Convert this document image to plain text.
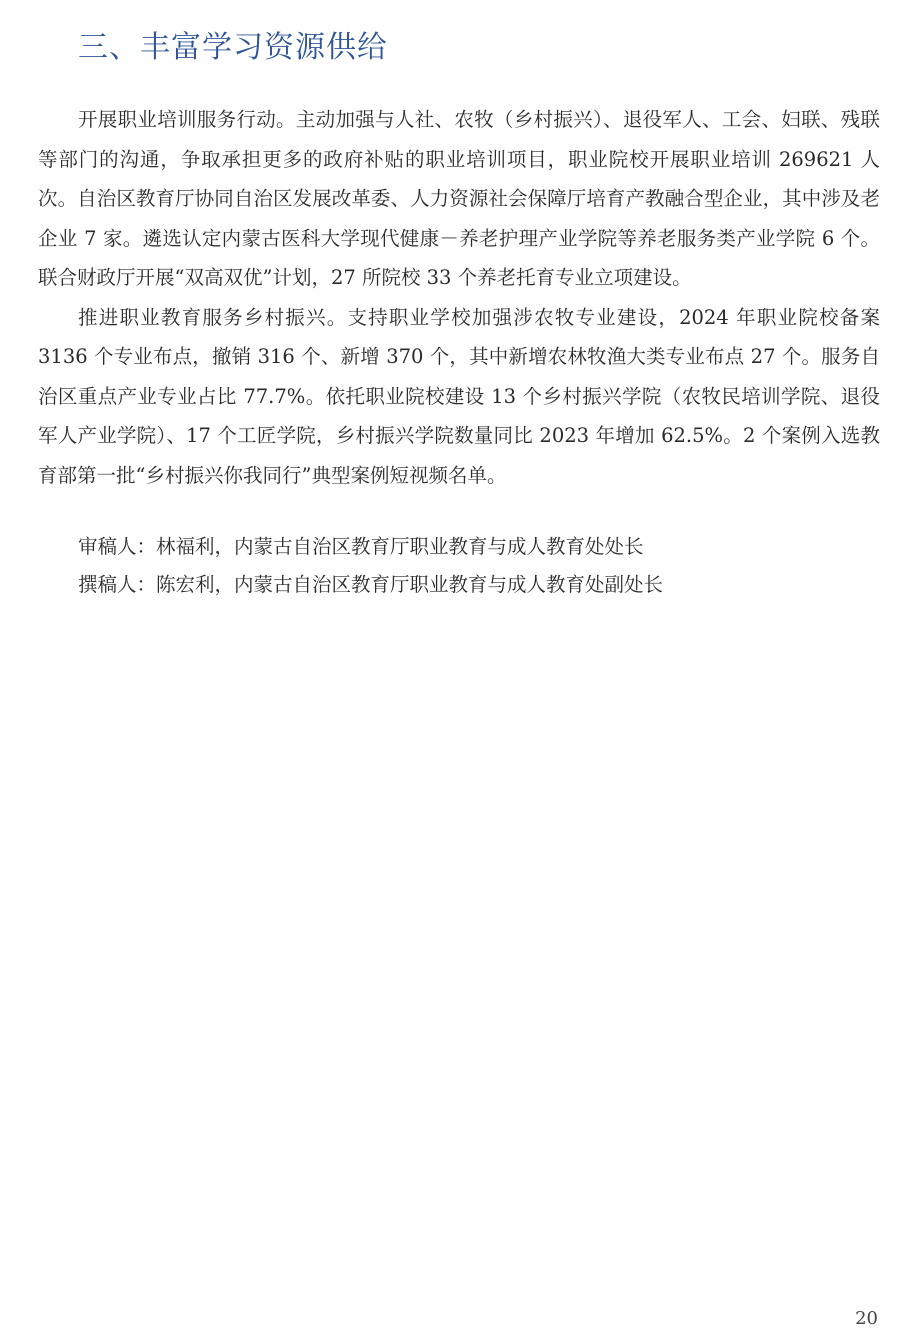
三、丰富学习资源供给

开展职业培训服务行动。主动加强与人社、农牧（乡村振兴）、退役军人、工会、妇联、残联等部门的沟通，争取承担更多的政府补贴的职业培训项目，职业院校开展职业培训 269621 人次。自治区教育厅协同自治区发展改革委、人力资源社会保障厅培育产教融合型企业，其中涉及老企业 7 家。遴选认定内蒙古医科大学现代健康－养老护理产业学院等养老服务类产业学院 6 个。联合财政厅开展“双高双优”计划，27 所院校 33 个养老托育专业立项建设。

推进职业教育服务乡村振兴。支持职业学校加强涉农牧专业建设，2024 年职业院校备案 3136 个专业布点，撤销 316 个、新增 370 个，其中新增农林牧渔大类专业布点 27 个。服务自治区重点产业专业占比 77.7%。依托职业院校建设 13 个乡村振兴学院（农牧民培训学院、退役军人产业学院）、17 个工匠学院，乡村振兴学院数量同比 2023 年增加 62.5%。2 个案例入选教育部第一批“乡村振兴你我同行”典型案例短视频名单。

审稿人：林福利，内蒙古自治区教育厅职业教育与成人教育处处长
撰稿人：陈宏利，内蒙古自治区教育厅职业教育与成人教育处副处长
20
